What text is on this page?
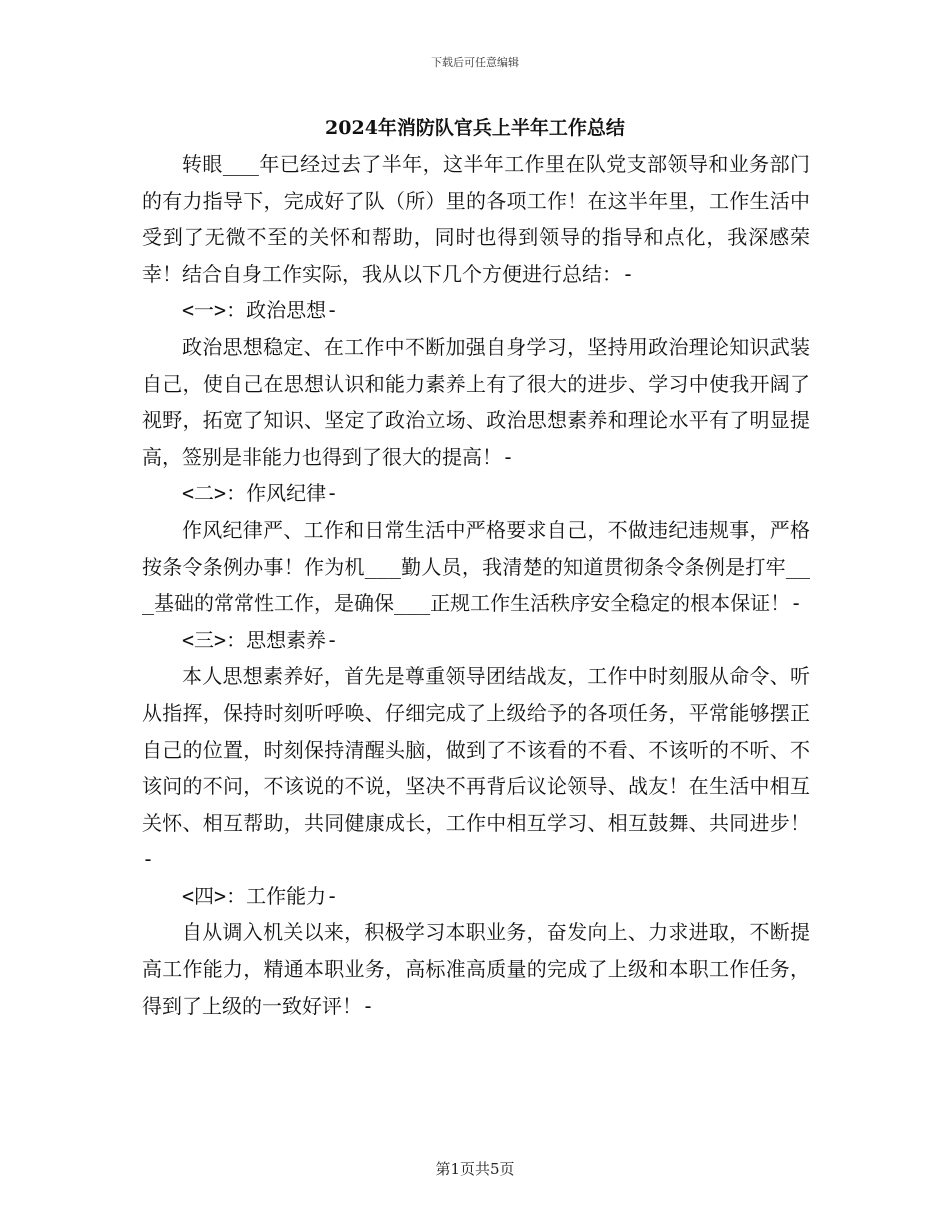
下载后可任意编辑
2024年消防队官兵上半年工作总结

转眼___年已经过去了半年，这半年工作里在队党支部领导和业务部门的有力指导下，完成好了队（所）里的各项工作！在这半年里，工作生活中受到了无微不至的关怀和帮助，同时也得到领导的指导和点化，我深感荣幸！结合自身工作实际，我从以下几个方便进行总结：-

<一>：政治思想-

政治思想稳定、在工作中不断加强自身学习，坚持用政治理论知识武装自己，使自己在思想认识和能力素养上有了很大的进步、学习中使我开阔了视野，拓宽了知识、坚定了政治立场、政治思想素养和理论水平有了明显提高，签别是非能力也得到了很大的提高！-

<二>：作风纪律-

作风纪律严、工作和日常生活中严格要求自己，不做违纪违规事，严格按条令条例办事！作为机___勤人员，我清楚的知道贯彻条令条例是打牢___基础的常常性工作，是确保___正规工作生活秩序安全稳定的根本保证！-

<三>：思想素养-

本人思想素养好，首先是尊重领导团结战友，工作中时刻服从命令、听从指挥，保持时刻听呼唤、仔细完成了上级给予的各项任务，平常能够摆正自己的位置，时刻保持清醒头脑，做到了不该看的不看、不该听的不听、不该问的不问，不该说的不说，坚决不再背后议论领导、战友！在生活中相互关怀、相互帮助，共同健康成长，工作中相互学习、相互鼓舞、共同进步！-

<四>：工作能力-

自从调入机关以来，积极学习本职业务，奋发向上、力求进取，不断提高工作能力，精通本职业务，高标准高质量的完成了上级和本职工作任务，得到了上级的一致好评！-

第1页共5页
